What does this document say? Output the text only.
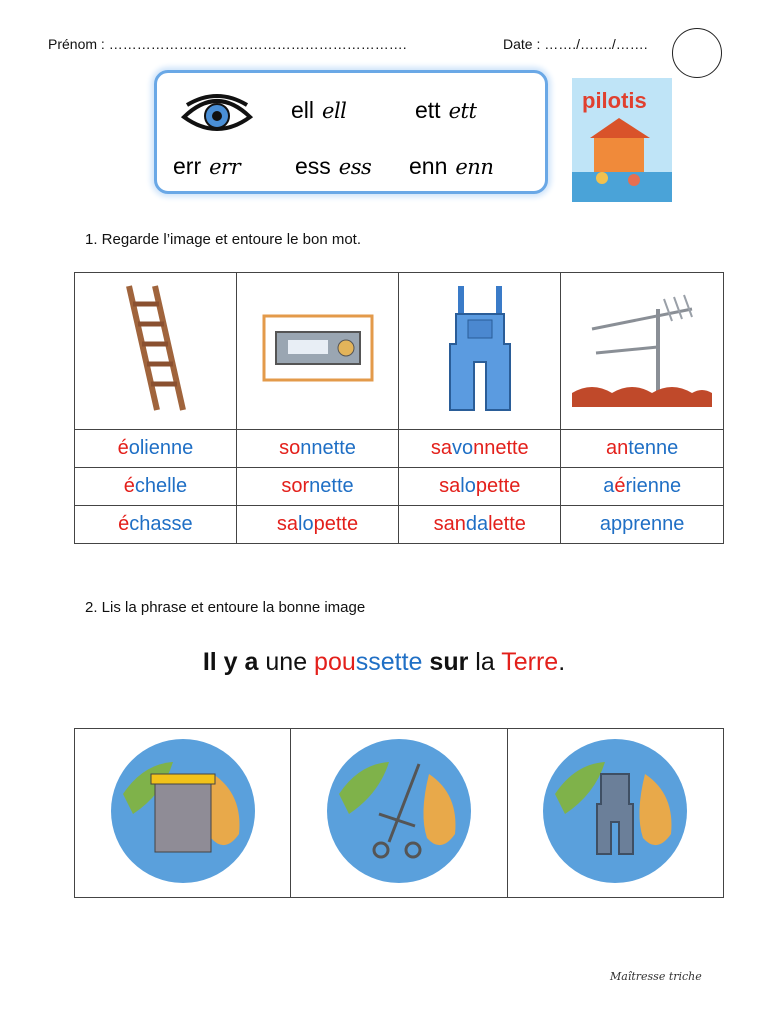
Prénom : ……………………………………………………….	Date : ……./……./…….
ell ell	ett ett
err err ess ess enn enn
pilotis
1. Regarde l’image et entoure le bon mot.

éolienne	sonnette	savonnette	antenne
échelle	sornette	salopette	aérienne
échasse	salopette	sandalette	apprenne
2. Lis la phrase et entoure la bonne image
Il y a une poussette sur la Terre.

Maîtresse triche
